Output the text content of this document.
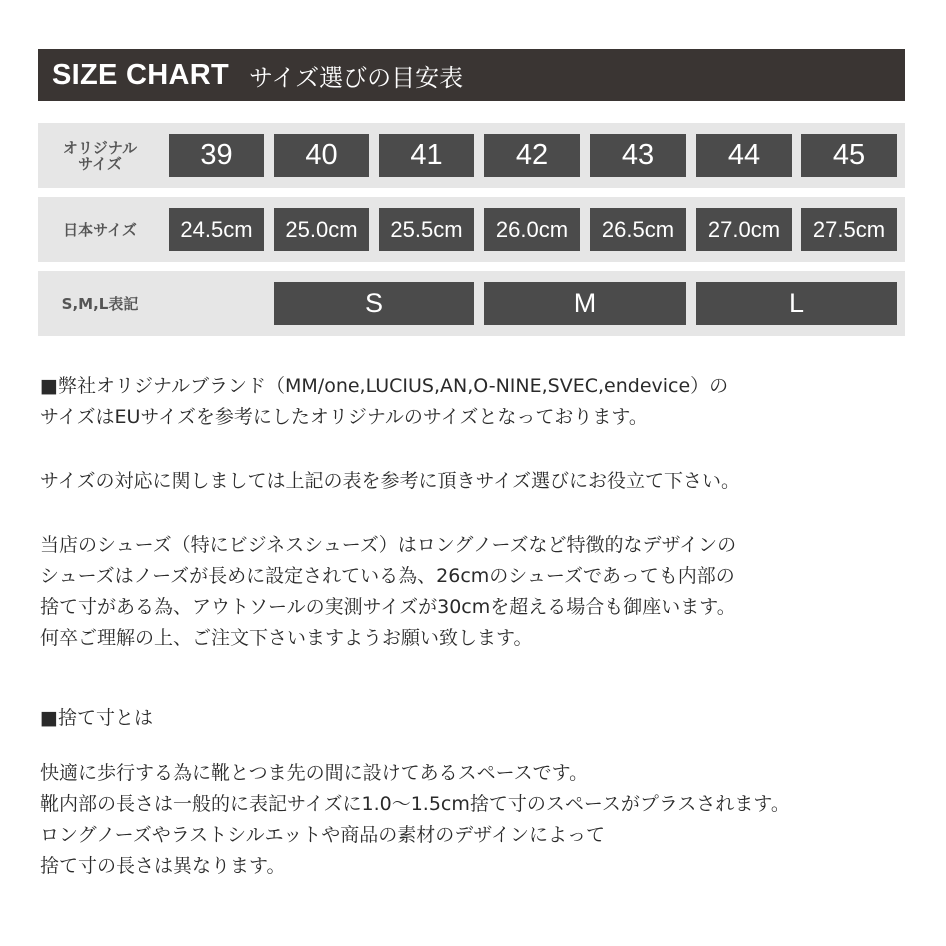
SIZE CHART サイズ選びの目安表
オリジナル
サイズ	39	40	41	42	43	44	45
日本サイズ	24.5cm	25.0cm	25.5cm	26.0cm	26.5cm	27.0cm	27.5cm
S,M,L表記	S	M	L
■弊社オリジナルブランド（MM/one,LUCIUS,AN,O-NINE,SVEC,endevice）の
サイズはEUサイズを参考にしたオリジナルのサイズとなっております。
サイズの対応に関しましては上記の表を参考に頂きサイズ選びにお役立て下さい。
当店のシューズ（特にビジネスシューズ）はロングノーズなど特徴的なデザインの
シューズはノーズが長めに設定されている為、26cmのシューズであっても内部の
捨て寸がある為、アウトソールの実測サイズが30cmを超える場合も御座います。
何卒ご理解の上、ご注文下さいますようお願い致します。
■捨て寸とは
快適に歩行する為に靴とつま先の間に設けてあるスペースです。
靴内部の長さは一般的に表記サイズに1.0〜1.5cm捨て寸のスペースがプラスされます。
ロングノーズやラストシルエットや商品の素材のデザインによって
捨て寸の長さは異なります。
